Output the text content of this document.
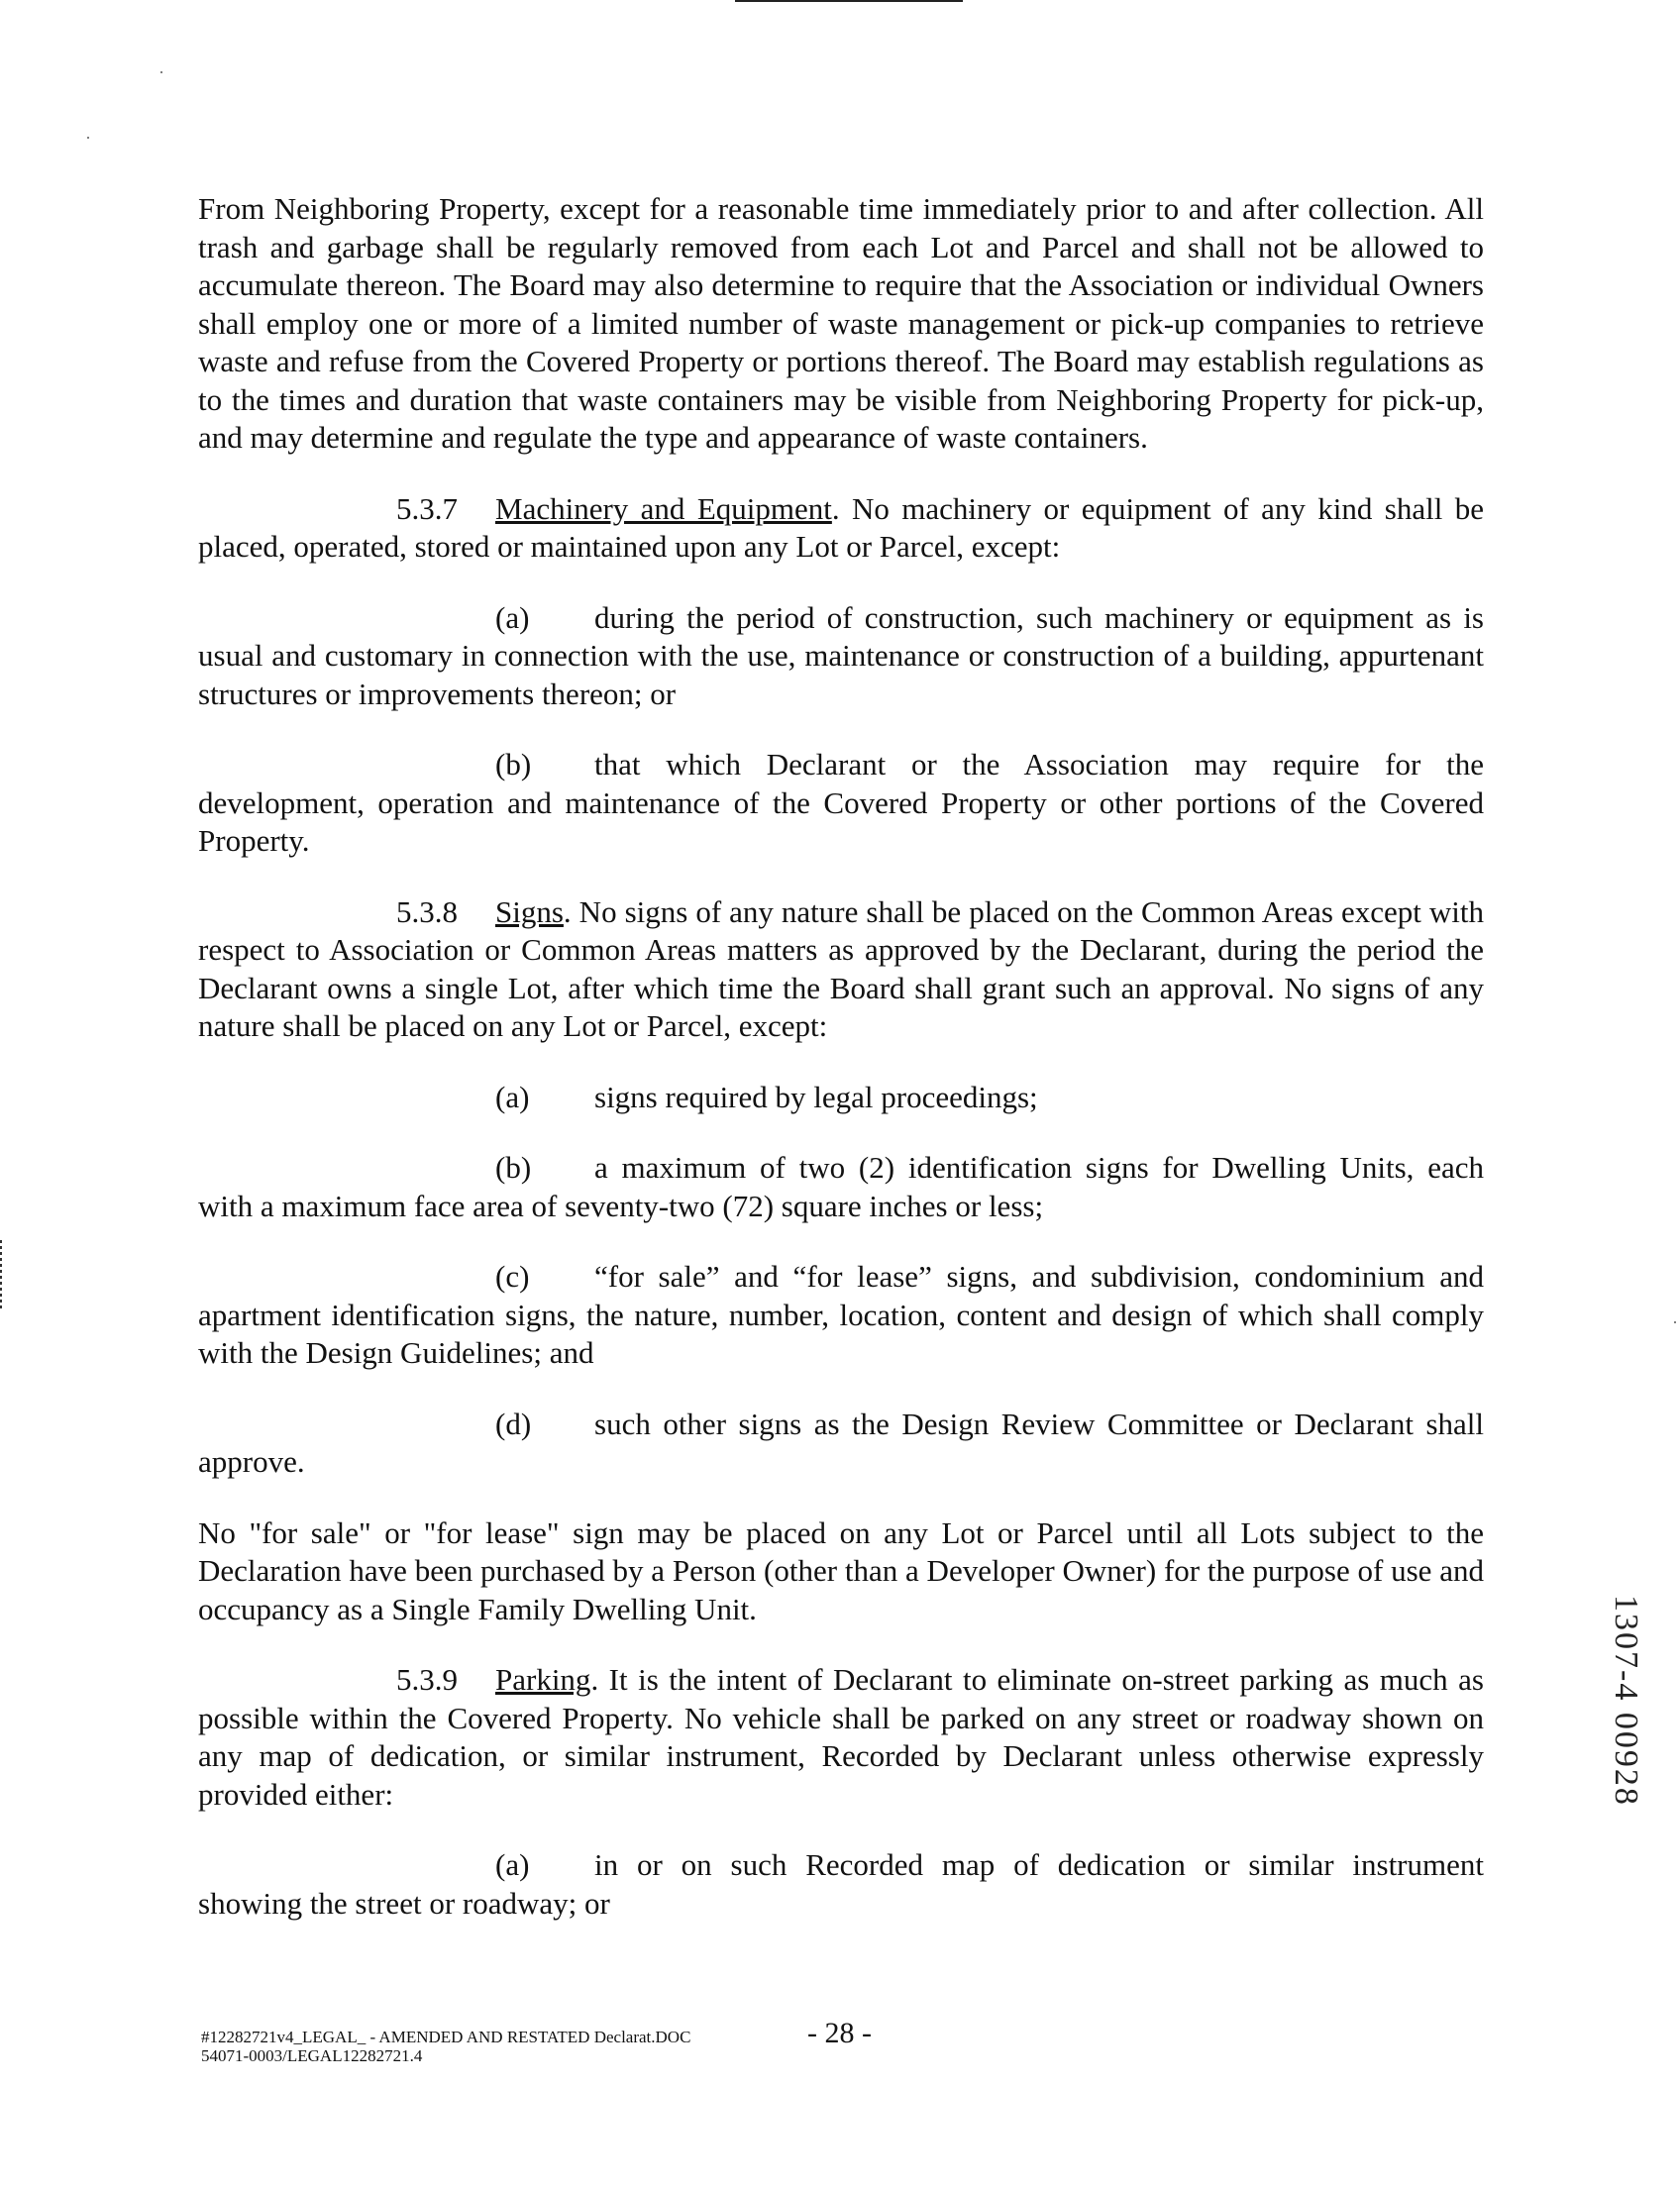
From Neighboring Property, except for a reasonable time immediately prior to and after collection. All trash and garbage shall be regularly removed from each Lot and Parcel and shall not be allowed to accumulate thereon. The Board may also determine to require that the Association or individual Owners shall employ one or more of a limited number of waste management or pick-up companies to retrieve waste and refuse from the Covered Property or portions thereof. The Board may establish regulations as to the times and duration that waste containers may be visible from Neighboring Property for pick-up, and may determine and regulate the type and appearance of waste containers.

5.3.7 Machinery and Equipment. No machinery or equipment of any kind shall be placed, operated, stored or maintained upon any Lot or Parcel, except:

(a) during the period of construction, such machinery or equipment as is usual and customary in connection with the use, maintenance or construction of a building, appurtenant structures or improvements thereon; or

(b) that which Declarant or the Association may require for the development, operation and maintenance of the Covered Property or other portions of the Covered Property.

5.3.8 Signs. No signs of any nature shall be placed on the Common Areas except with respect to Association or Common Areas matters as approved by the Declarant, during the period the Declarant owns a single Lot, after which time the Board shall grant such an approval. No signs of any nature shall be placed on any Lot or Parcel, except:

(a) signs required by legal proceedings;

(b) a maximum of two (2) identification signs for Dwelling Units, each with a maximum face area of seventy-two (72) square inches or less;

(c) “for sale” and “for lease” signs, and subdivision, condominium and apartment identification signs, the nature, number, location, content and design of which shall comply with the Design Guidelines; and

(d) such other signs as the Design Review Committee or Declarant shall approve.

No "for sale" or "for lease" sign may be placed on any Lot or Parcel until all Lots subject to the Declaration have been purchased by a Person (other than a Developer Owner) for the purpose of use and occupancy as a Single Family Dwelling Unit.

5.3.9 Parking. It is the intent of Declarant to eliminate on-street parking as much as possible within the Covered Property. No vehicle shall be parked on any street or roadway shown on any map of dedication, or similar instrument, Recorded by Declarant unless otherwise expressly provided either:

(a) in or on such Recorded map of dedication or similar instrument showing the street or roadway; or

1307-4 00928
#12282721v4_LEGAL_ - AMENDED AND RESTATED Declarat.DOC
54071-0003/LEGAL12282721.4
- 28 -
